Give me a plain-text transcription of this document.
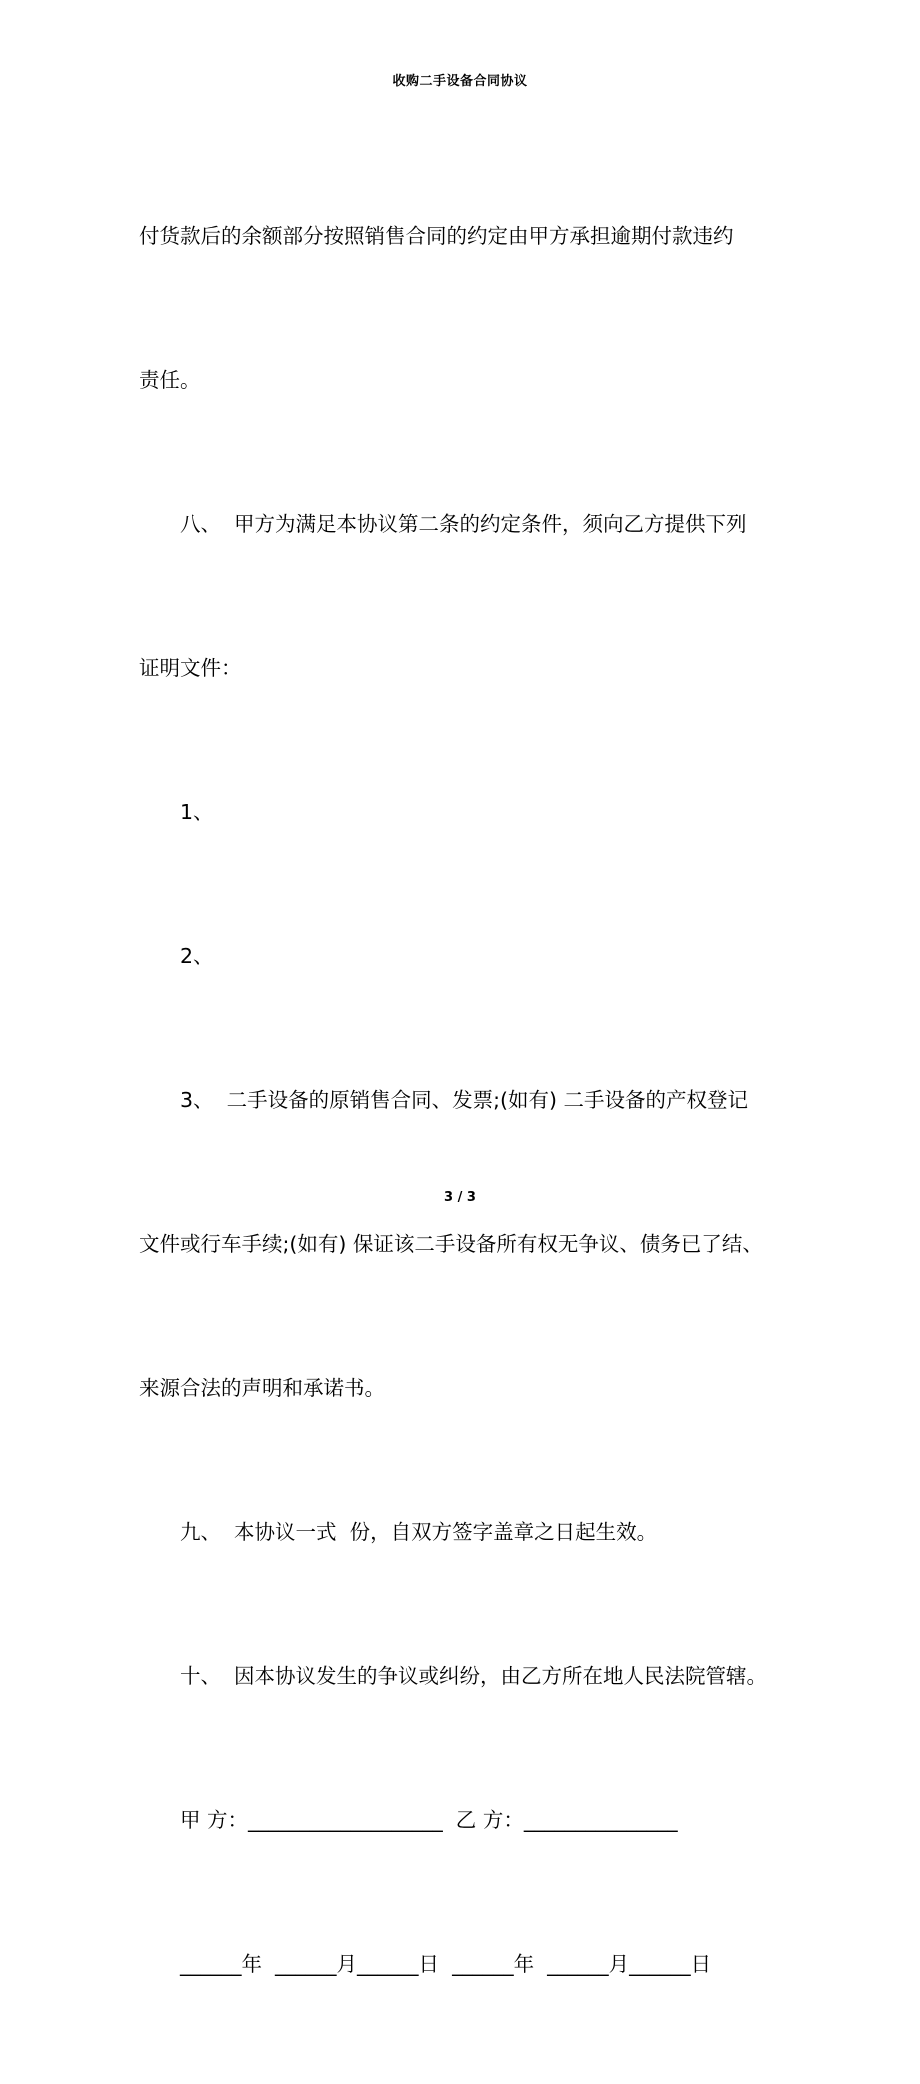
收购二手设备合同协议

付货款后的余额部分按照销售合同的约定由甲方承担逾期付款违约

责任。

八、  甲方为满足本协议第二条的约定条件，须向乙方提供下列

证明文件：

1、

2、

3、  二手设备的原销售合同、发票;(如有) 二手设备的产权登记

文件或行车手续;(如有) 保证该二手设备所有权无争议、债务已了结、

来源合法的声明和承诺书。

九、  本协议一式  份，自双方签字盖章之日起生效。

十、  因本协议发生的争议或纠纷，由乙方所在地人民法院管辖。

甲 方：___________________  乙 方：_______________

______年  ______月______日  ______年  ______月______日

3 / 3
